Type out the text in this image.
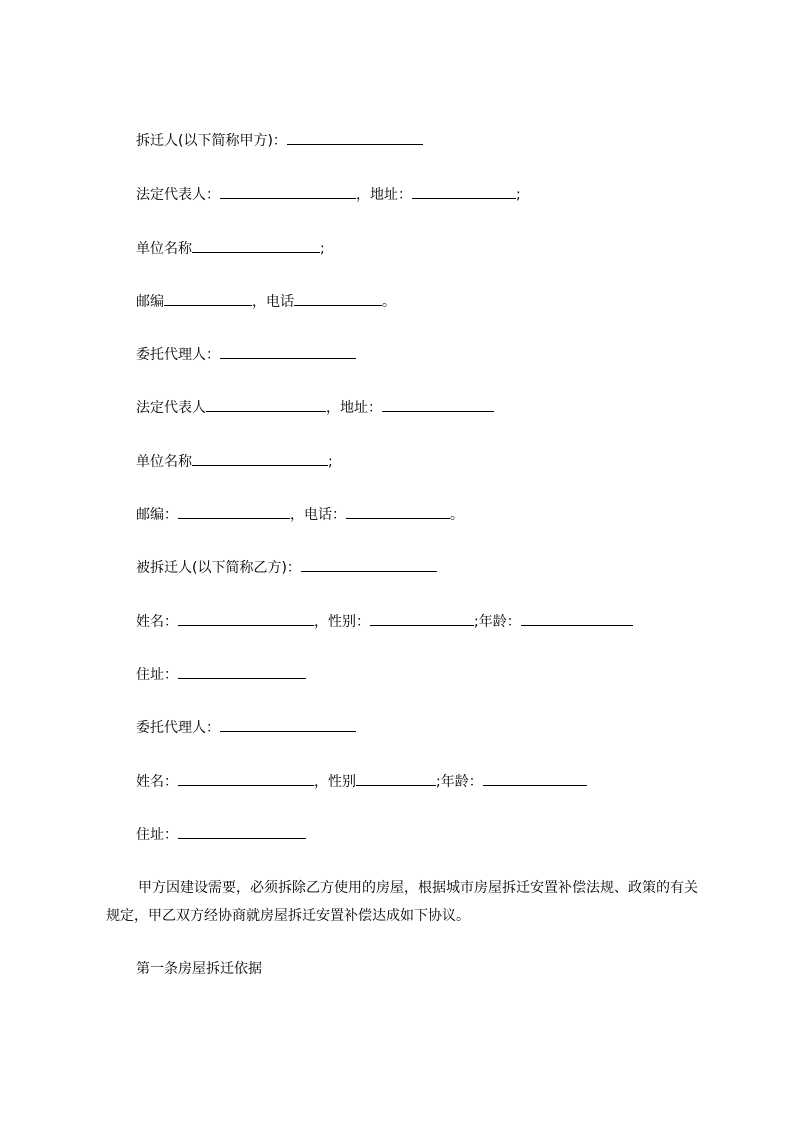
拆迁人(以下简称甲方)：
法定代表人：	，地址：	;
单位名称	;
邮编	，电话	。
委托代理人：
法定代表人	，地址：
单位名称	;
邮编：	，电话：	。
被拆迁人(以下简称乙方)：
姓名：	，性别：	;年龄：
住址：
委托代理人：
姓名：	，性别	;年龄：
住址：
甲方因建设需要，必须拆除乙方使用的房屋，根据城市房屋拆迁安置补偿法规、政策的有关规定，甲乙双方经协商就房屋拆迁安置补偿达成如下协议。
第一条房屋拆迁依据
